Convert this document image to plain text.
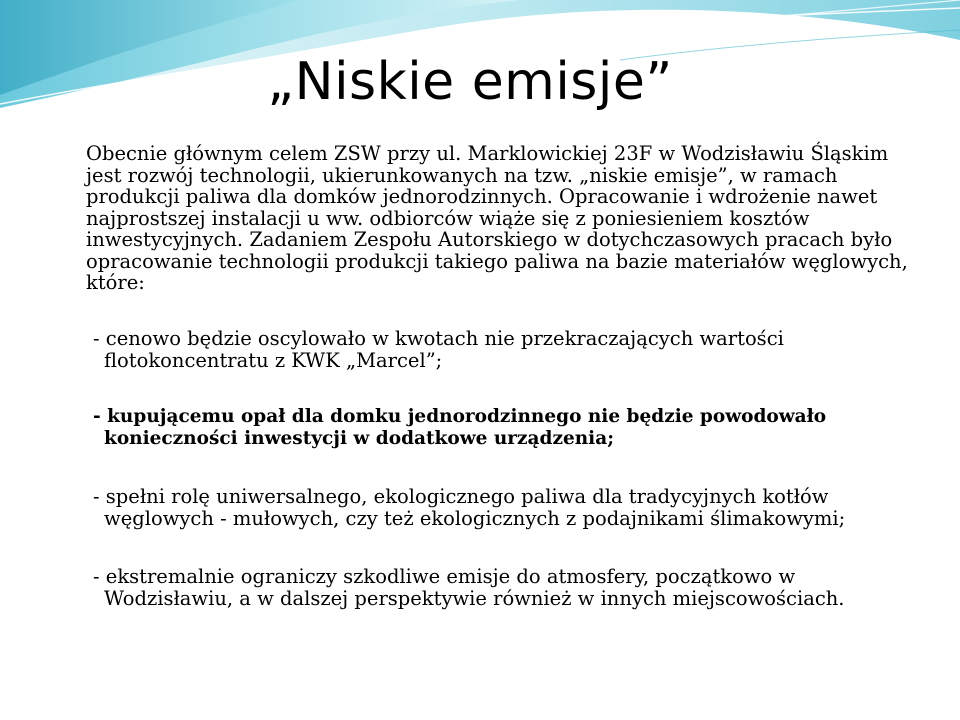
„Niskie emisje”

Obecnie głównym celem ZSW przy ul. Marklowickiej 23F w Wodzisławiu Śląskim jest rozwój technologii, ukierunkowanych na tzw. „niskie emisje”, w ramach produkcji paliwa dla domków jednorodzinnych. Opracowanie i wdrożenie nawet najprostszej instalacji u ww. odbiorców wiąże się z poniesieniem kosztów inwestycyjnych. Zadaniem Zespołu Autorskiego w dotychczasowych pracach było opracowanie technologii produkcji takiego paliwa na bazie materiałów węglowych, które:

- cenowo będzie oscylowało w kwotach nie przekraczających wartości flotokoncentratu z KWK „Marcel”;

- kupującemu opał dla domku jednorodzinnego nie będzie powodowało konieczności inwestycji w dodatkowe urządzenia;

- spełni rolę uniwersalnego, ekologicznego paliwa dla tradycyjnych kotłów węglowych - mułowych, czy też ekologicznych z podajnikami ślimakowymi;

- ekstremalnie ograniczy szkodliwe emisje do atmosfery, początkowo w Wodzisławiu, a w dalszej perspektywie również w innych miejscowościach.
